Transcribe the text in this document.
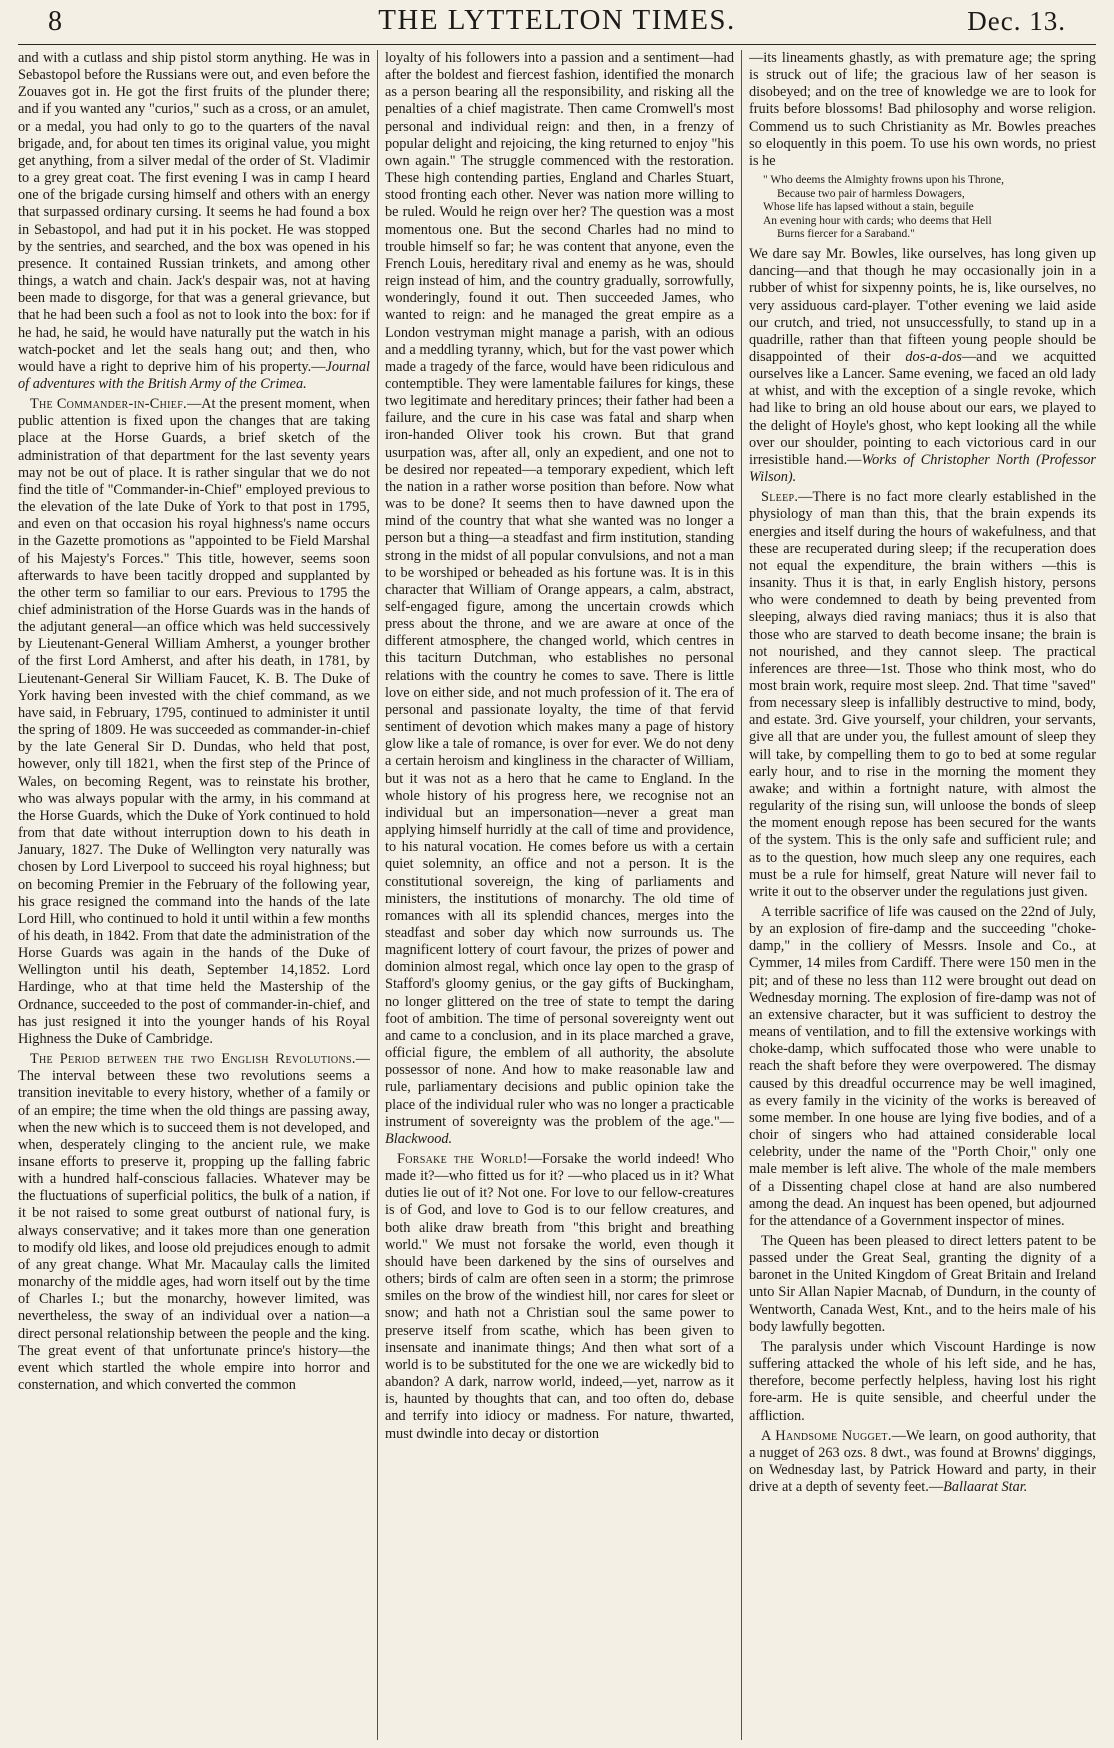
8	THE LYTTELTON TIMES.	Dec. 13.

and with a cutlass and ship pistol storm anything. He was in Sebastopol before the Russians were out, and even before the Zouaves got in. He got the first fruits of the plunder there; and if you wanted any "curios," such as a cross, or an amulet, or a medal, you had only to go to the quarters of the naval brigade, and, for about ten times its original value, you might get anything, from a silver medal of the order of St. Vladimir to a grey great coat. The first evening I was in camp I heard one of the brigade cursing himself and others with an energy that surpassed ordinary cursing. It seems he had found a box in Sebastopol, and had put it in his pocket. He was stopped by the sentries, and searched, and the box was opened in his presence. It contained Russian trinkets, and among other things, a watch and chain. Jack's despair was, not at having been made to disgorge, for that was a general grievance, but that he had been such a fool as not to look into the box: for if he had, he said, he would have naturally put the watch in his watch-pocket and let the seals hang out; and then, who would have a right to deprive him of his property.—Journal of adventures with the British Army of the Crimea.

The Commander-in-Chief.—At the present moment, when public attention is fixed upon the changes that are taking place at the Horse Guards, a brief sketch of the administration of that department for the last seventy years may not be out of place. It is rather singular that we do not find the title of "Commander-in-Chief" employed previous to the elevation of the late Duke of York to that post in 1795, and even on that occasion his royal highness's name occurs in the Gazette promotions as "appointed to be Field Marshal of his Majesty's Forces." This title, however, seems soon afterwards to have been tacitly dropped and supplanted by the other term so familiar to our ears. Previous to 1795 the chief administration of the Horse Guards was in the hands of the adjutant general—an office which was held successively by Lieutenant-General William Amherst, a younger brother of the first Lord Amherst, and after his death, in 1781, by Lieutenant-General Sir William Faucet, K. B. The Duke of York having been invested with the chief command, as we have said, in February, 1795, continued to administer it until the spring of 1809. He was succeeded as commander-in-chief by the late General Sir D. Dundas, who held that post, however, only till 1821, when the first step of the Prince of Wales, on becoming Regent, was to reinstate his brother, who was always popular with the army, in his command at the Horse Guards, which the Duke of York continued to hold from that date without interruption down to his death in January, 1827. The Duke of Wellington very naturally was chosen by Lord Liverpool to succeed his royal highness; but on becoming Premier in the February of the following year, his grace resigned the command into the hands of the late Lord Hill, who continued to hold it until within a few months of his death, in 1842. From that date the administration of the Horse Guards was again in the hands of the Duke of Wellington until his death, September 14,1852. Lord Hardinge, who at that time held the Mastership of the Ordnance, succeeded to the post of commander-in-chief, and has just resigned it into the younger hands of his Royal Highness the Duke of Cambridge.

The Period between the two English Revolutions.—The interval between these two revolutions seems a transition inevitable to every history, whether of a family or of an empire; the time when the old things are passing away, when the new which is to succeed them is not developed, and when, desperately clinging to the ancient rule, we make insane efforts to preserve it, propping up the falling fabric with a hundred half-conscious fallacies. Whatever may be the fluctuations of superficial politics, the bulk of a nation, if it be not raised to some great outburst of national fury, is always conservative; and it takes more than one generation to modify old likes, and loose old prejudices enough to admit of any great change. What Mr. Macaulay calls the limited monarchy of the middle ages, had worn itself out by the time of Charles I.; but the monarchy, however limited, was nevertheless, the sway of an individual over a nation—a direct personal relationship between the people and the king. The great event of that unfortunate prince's history—the event which startled the whole empire into horror and consternation, and which converted the common

loyalty of his followers into a passion and a sentiment—had after the boldest and fiercest fashion, identified the monarch as a person bearing all the responsibility, and risking all the penalties of a chief magistrate. Then came Cromwell's most personal and individual reign: and then, in a frenzy of popular delight and rejoicing, the king returned to enjoy "his own again." The struggle commenced with the restoration. These high contending parties, England and Charles Stuart, stood fronting each other. Never was nation more willing to be ruled. Would he reign over her? The question was a most momentous one. But the second Charles had no mind to trouble himself so far; he was content that anyone, even the French Louis, hereditary rival and enemy as he was, should reign instead of him, and the country gradually, sorrowfully, wonderingly, found it out. Then succeeded James, who wanted to reign: and he managed the great empire as a London vestryman might manage a parish, with an odious and a meddling tyranny, which, but for the vast power which made a tragedy of the farce, would have been ridiculous and contemptible. They were lamentable failures for kings, these two legitimate and hereditary princes; their father had been a failure, and the cure in his case was fatal and sharp when iron-handed Oliver took his crown. But that grand usurpation was, after all, only an expedient, and one not to be desired nor repeated—a temporary expedient, which left the nation in a rather worse position than before. Now what was to be done? It seems then to have dawned upon the mind of the country that what she wanted was no longer a person but a thing—a steadfast and firm institution, standing strong in the midst of all popular convulsions, and not a man to be worshiped or beheaded as his fortune was. It is in this character that William of Orange appears, a calm, abstract, self-engaged figure, among the uncertain crowds which press about the throne, and we are aware at once of the different atmosphere, the changed world, which centres in this taciturn Dutchman, who establishes no personal relations with the country he comes to save. There is little love on either side, and not much profession of it. The era of personal and passionate loyalty, the time of that fervid sentiment of devotion which makes many a page of history glow like a tale of romance, is over for ever. We do not deny a certain heroism and kingliness in the character of William, but it was not as a hero that he came to England. In the whole history of his progress here, we recognise not an individual but an impersonation—never a great man applying himself hurridly at the call of time and providence, to his natural vocation. He comes before us with a certain quiet solemnity, an office and not a person. It is the constitutional sovereign, the king of parliaments and ministers, the institutions of monarchy. The old time of romances with all its splendid chances, merges into the steadfast and sober day which now surrounds us. The magnificent lottery of court favour, the prizes of power and dominion almost regal, which once lay open to the grasp of Stafford's gloomy genius, or the gay gifts of Buckingham, no longer glittered on the tree of state to tempt the daring foot of ambition. The time of personal sovereignty went out and came to a conclusion, and in its place marched a grave, official figure, the emblem of all authority, the absolute possessor of none. And how to make reasonable law and rule, parliamentary decisions and public opinion take the place of the individual ruler who was no longer a practicable instrument of sovereignty was the problem of the age."—Blackwood.

Forsake the World!—Forsake the world indeed! Who made it?—who fitted us for it? —who placed us in it? What duties lie out of it? Not one. For love to our fellow-creatures is of God, and love to God is to our fellow creatures, and both alike draw breath from "this bright and breathing world." We must not forsake the world, even though it should have been darkened by the sins of ourselves and others; birds of calm are often seen in a storm; the primrose smiles on the brow of the windiest hill, nor cares for sleet or snow; and hath not a Christian soul the same power to preserve itself from scathe, which has been given to insensate and inanimate things; And then what sort of a world is to be substituted for the one we are wickedly bid to abandon? A dark, narrow world, indeed,—yet, narrow as it is, haunted by thoughts that can, and too often do, debase and terrify into idiocy or madness. For nature, thwarted, must dwindle into decay or distortion

—its lineaments ghastly, as with premature age; the spring is struck out of life; the gracious law of her season is disobeyed; and on the tree of knowledge we are to look for fruits before blossoms! Bad philosophy and worse religion. Commend us to such Christianity as Mr. Bowles preaches so eloquently in this poem. To use his own words, no priest is he

" Who deems the Almighty frowns upon his Throne,
Because two pair of harmless Dowagers,
Whose life has lapsed without a stain, beguile
An evening hour with cards; who deems that Hell
Burns fiercer for a Saraband."

We dare say Mr. Bowles, like ourselves, has long given up dancing—and that though he may occasionally join in a rubber of whist for sixpenny points, he is, like ourselves, no very assiduous card-player. T'other evening we laid aside our crutch, and tried, not unsuccessfully, to stand up in a quadrille, rather than that fifteen young people should be disappointed of their dos-a-dos—and we acquitted ourselves like a Lancer. Same evening, we faced an old lady at whist, and with the exception of a single revoke, which had like to bring an old house about our ears, we played to the delight of Hoyle's ghost, who kept looking all the while over our shoulder, pointing to each victorious card in our irresistible hand.—Works of Christopher North (Professor Wilson).

Sleep.—There is no fact more clearly established in the physiology of man than this, that the brain expends its energies and itself during the hours of wakefulness, and that these are recuperated during sleep; if the recuperation does not equal the expenditure, the brain withers —this is insanity. Thus it is that, in early English history, persons who were condemned to death by being prevented from sleeping, always died raving maniacs; thus it is also that those who are starved to death become insane; the brain is not nourished, and they cannot sleep. The practical inferences are three—1st. Those who think most, who do most brain work, require most sleep. 2nd. That time "saved" from necessary sleep is infallibly destructive to mind, body, and estate. 3rd. Give yourself, your children, your servants, give all that are under you, the fullest amount of sleep they will take, by compelling them to go to bed at some regular early hour, and to rise in the morning the moment they awake; and within a fortnight nature, with almost the regularity of the rising sun, will unloose the bonds of sleep the moment enough repose has been secured for the wants of the system. This is the only safe and sufficient rule; and as to the question, how much sleep any one requires, each must be a rule for himself, great Nature will never fail to write it out to the observer under the regulations just given.

A terrible sacrifice of life was caused on the 22nd of July, by an explosion of fire-damp and the succeeding "choke-damp," in the colliery of Messrs. Insole and Co., at Cymmer, 14 miles from Cardiff. There were 150 men in the pit; and of these no less than 112 were brought out dead on Wednesday morning. The explosion of fire-damp was not of an extensive character, but it was sufficient to destroy the means of ventilation, and to fill the extensive workings with choke-damp, which suffocated those who were unable to reach the shaft before they were overpowered. The dismay caused by this dreadful occurrence may be well imagined, as every family in the vicinity of the works is bereaved of some member. In one house are lying five bodies, and of a choir of singers who had attained considerable local celebrity, under the name of the "Porth Choir," only one male member is left alive. The whole of the male members of a Dissenting chapel close at hand are also numbered among the dead. An inquest has been opened, but adjourned for the attendance of a Government inspector of mines.

The Queen has been pleased to direct letters patent to be passed under the Great Seal, granting the dignity of a baronet in the United Kingdom of Great Britain and Ireland unto Sir Allan Napier Macnab, of Dundurn, in the county of Wentworth, Canada West, Knt., and to the heirs male of his body lawfully begotten.

The paralysis under which Viscount Hardinge is now suffering attacked the whole of his left side, and he has, therefore, become perfectly helpless, having lost his right fore-arm. He is quite sensible, and cheerful under the affliction.

A Handsome Nugget.—We learn, on good authority, that a nugget of 263 ozs. 8 dwt., was found at Browns' diggings, on Wednesday last, by Patrick Howard and party, in their drive at a depth of seventy feet.—Ballaarat Star.
